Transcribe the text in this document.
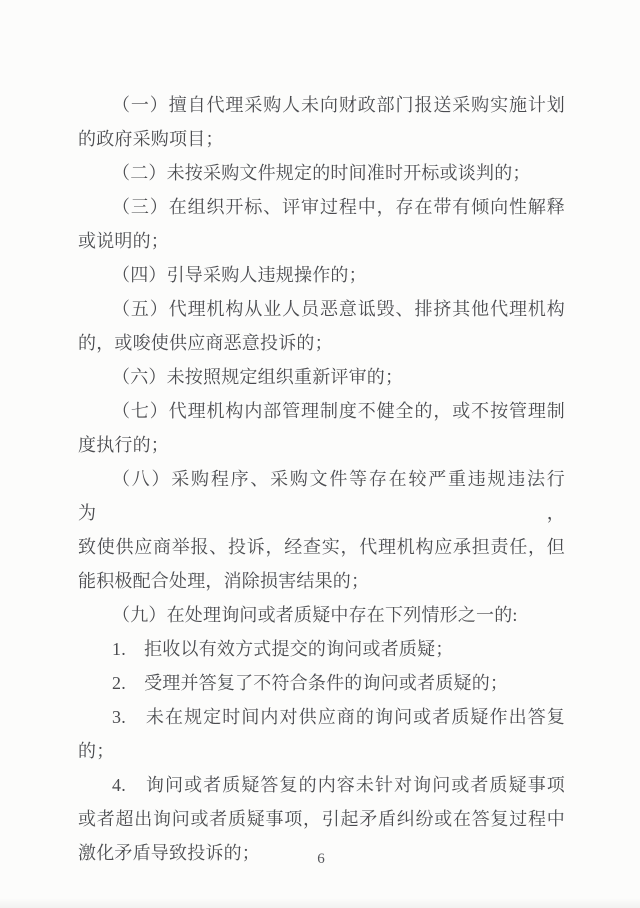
（一）擅自代理采购人未向财政部门报送采购实施计划
的政府采购项目；
（二）未按采购文件规定的时间准时开标或谈判的；
（三）在组织开标、评审过程中，存在带有倾向性解释
或说明的；
（四）引导采购人违规操作的；
（五）代理机构从业人员恶意诋毁、排挤其他代理机构
的，或唆使供应商恶意投诉的；
（六）未按照规定组织重新评审的；
（七）代理机构内部管理制度不健全的，或不按管理制
度执行的；
（八）采购程序、采购文件等存在较严重违规违法行为，
致使供应商举报、投诉，经查实，代理机构应承担责任，但
能积极配合处理，消除损害结果的；
（九）在处理询问或者质疑中存在下列情形之一的:
1.　拒收以有效方式提交的询问或者质疑；
2.　受理并答复了不符合条件的询问或者质疑的；
3.　未在规定时间内对供应商的询问或者质疑作出答复
的；
4.　询问或者质疑答复的内容未针对询问或者质疑事项
或者超出询问或者质疑事项，引起矛盾纠纷或在答复过程中
激化矛盾导致投诉的；	6
